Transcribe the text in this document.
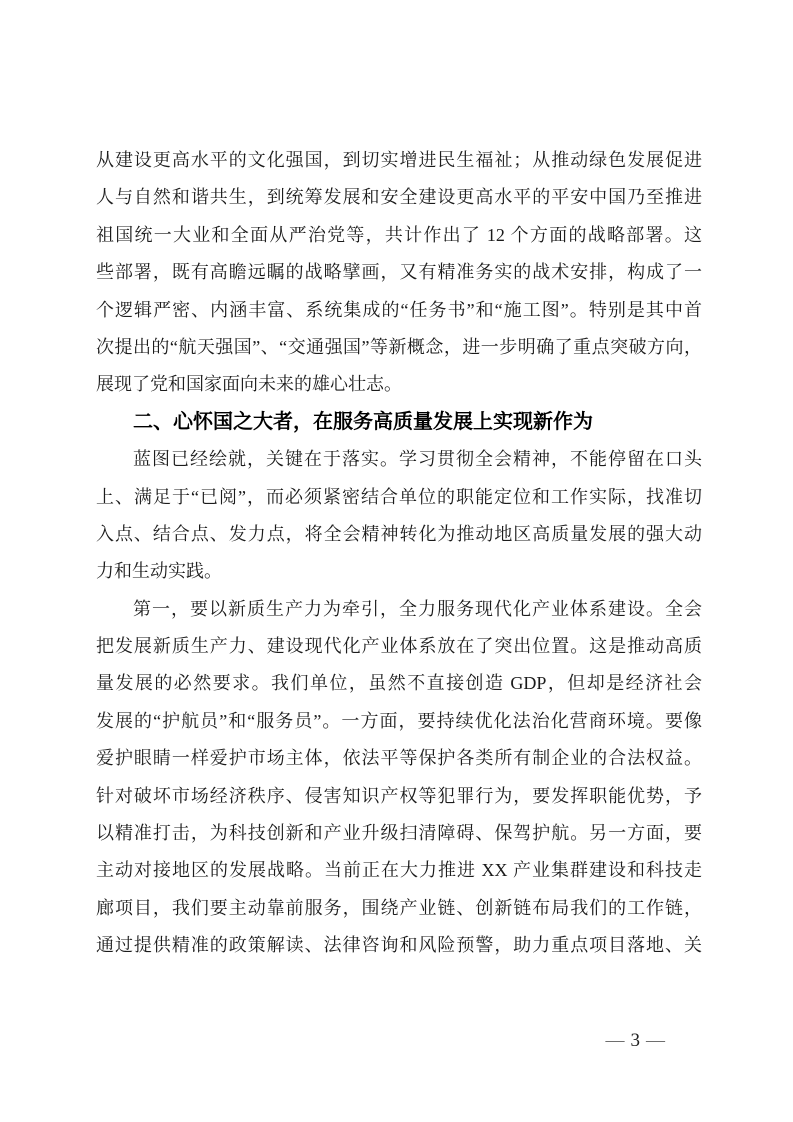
从建设更高水平的文化强国，到切实增进民生福祉；从推动绿色发展促进
人与自然和谐共生，到统筹发展和安全建设更高水平的平安中国乃至推进
祖国统一大业和全面从严治党等，共计作出了 12 个方面的战略部署。这
些部署，既有高瞻远瞩的战略擘画，又有精准务实的战术安排，构成了一
个逻辑严密、内涵丰富、系统集成的“任务书”和“施工图”。特别是其中首
次提出的“航天强国”、“交通强国”等新概念，进一步明确了重点突破方向，
展现了党和国家面向未来的雄心壮志。
二、心怀国之大者，在服务高质量发展上实现新作为
蓝图已经绘就，关键在于落实。学习贯彻全会精神，不能停留在口头
上、满足于“已阅”，而必须紧密结合单位的职能定位和工作实际，找准切
入点、结合点、发力点，将全会精神转化为推动地区高质量发展的强大动
力和生动实践。
第一，要以新质生产力为牵引，全力服务现代化产业体系建设。全会
把发展新质生产力、建设现代化产业体系放在了突出位置。这是推动高质
量发展的必然要求。我们单位，虽然不直接创造 GDP，但却是经济社会
发展的“护航员”和“服务员”。一方面，要持续优化法治化营商环境。要像
爱护眼睛一样爱护市场主体，依法平等保护各类所有制企业的合法权益。
针对破坏市场经济秩序、侵害知识产权等犯罪行为，要发挥职能优势，予
以精准打击，为科技创新和产业升级扫清障碍、保驾护航。另一方面，要
主动对接地区的发展战略。当前正在大力推进 XX 产业集群建设和科技走
廊项目，我们要主动靠前服务，围绕产业链、创新链布局我们的工作链，
通过提供精准的政策解读、法律咨询和风险预警，助力重点项目落地、关
— 3 —
